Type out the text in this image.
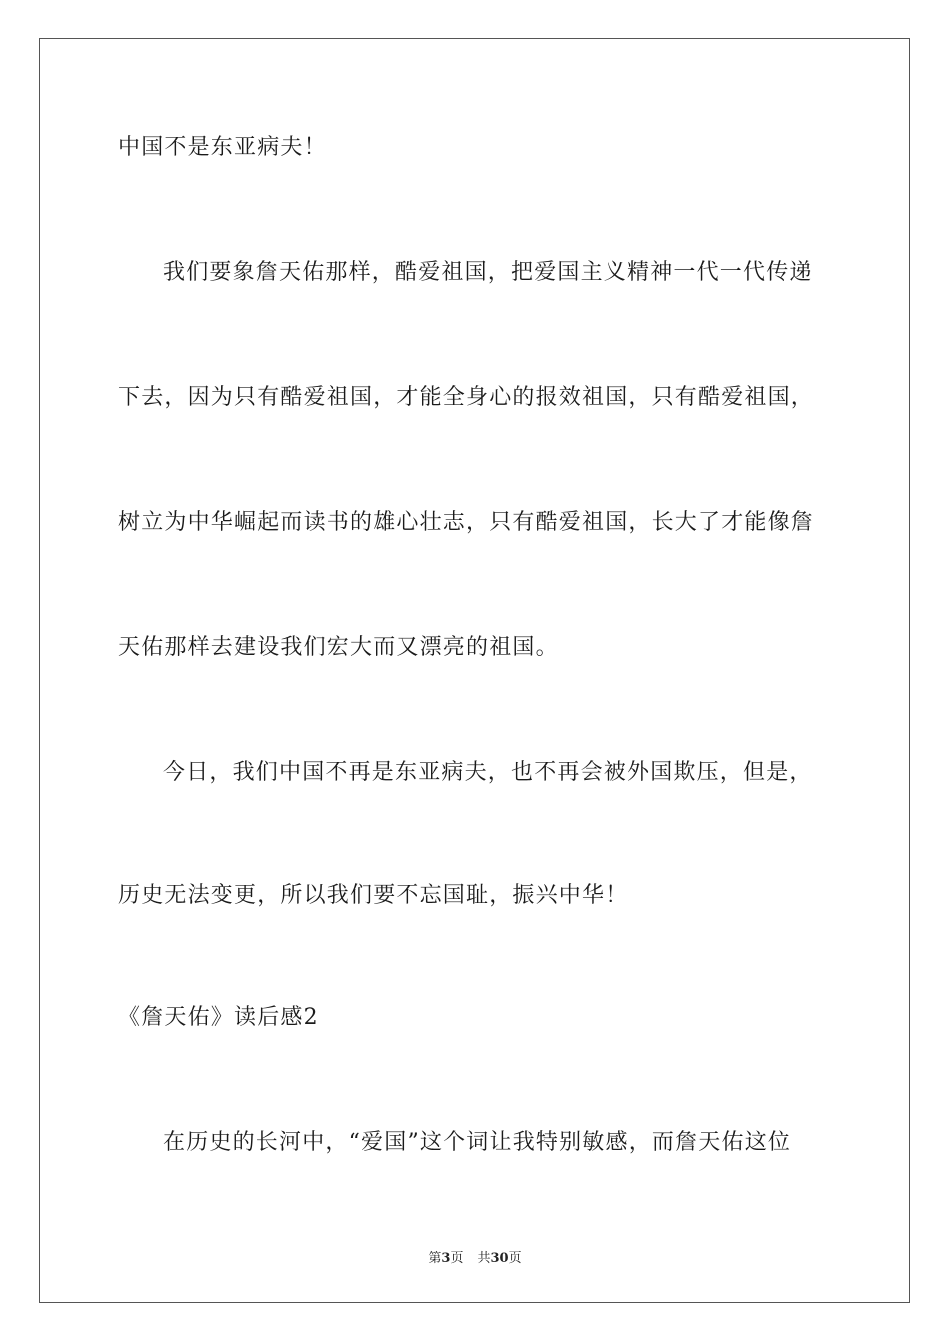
中国不是东亚病夫！
我们要象詹天佑那样，酷爱祖国，把爱国主义精神一代一代传递
下去，因为只有酷爱祖国，才能全身心的报效祖国，只有酷爱祖国，
树立为中华崛起而读书的雄心壮志，只有酷爱祖国，长大了才能像詹
天佑那样去建设我们宏大而又漂亮的祖国。
今日，我们中国不再是东亚病夫，也不再会被外国欺压，但是，
历史无法变更，所以我们要不忘国耻，振兴中华！
《詹天佑》读后感2
在历史的长河中，“爱国”这个词让我特别敏感，而詹天佑这位
第3页 共30页
